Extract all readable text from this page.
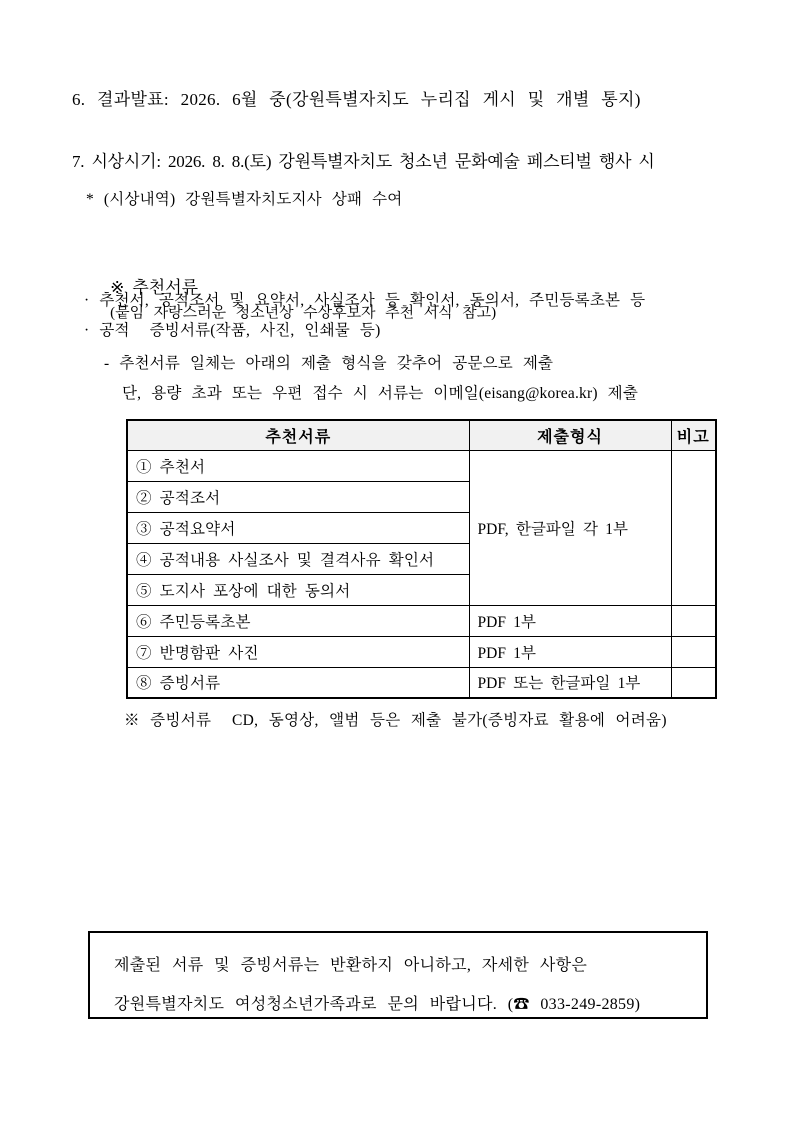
6. 결과발표: 2026. 6월 중(강원특별자치도 누리집 게시 및 개별 통지)
7. 시상시기: 2026. 8. 8.(토) 강원특별자치도 청소년 문화예술 페스티벌 행사 시
* (시상내역) 강원특별자치도지사 상패 수여

※ 추천서류
(붙임 자랑스러운 청소년상 수상후보자 추천 서식 참고)

· 추천서, 공적조서 및 요약서, 사실조사 등 확인서, 동의서, 주민등록초본 등
· 공적  증빙서류(작품, 사진, 인쇄물 등)
- 추천서류 일체는 아래의 제출 형식을 갖추어 공문으로 제출
단, 용량 초과 또는 우편 접수 시 서류는 이메일(eisang@korea.kr) 제출
추천서류	제출형식	비고
① 추천서	PDF, 한글파일 각 1부	
② 공적조서		
③ 공적요약서		
④ 공적내용 사실조사 및 결격사유 확인서		
⑤ 도지사 포상에 대한 동의서		
⑥ 주민등록초본	PDF 1부	
⑦ 반명함판 사진	PDF 1부	
⑧ 증빙서류	PDF 또는 한글파일 1부	
※ 증빙서류  CD, 동영상, 앨범 등은 제출 불가(증빙자료 활용에 어려움)
제출된 서류 및 증빙서류는 반환하지 아니하고, 자세한 사항은
강원특별자치도 여성청소년가족과로 문의 바랍니다. (☎ 033-249-2859)
